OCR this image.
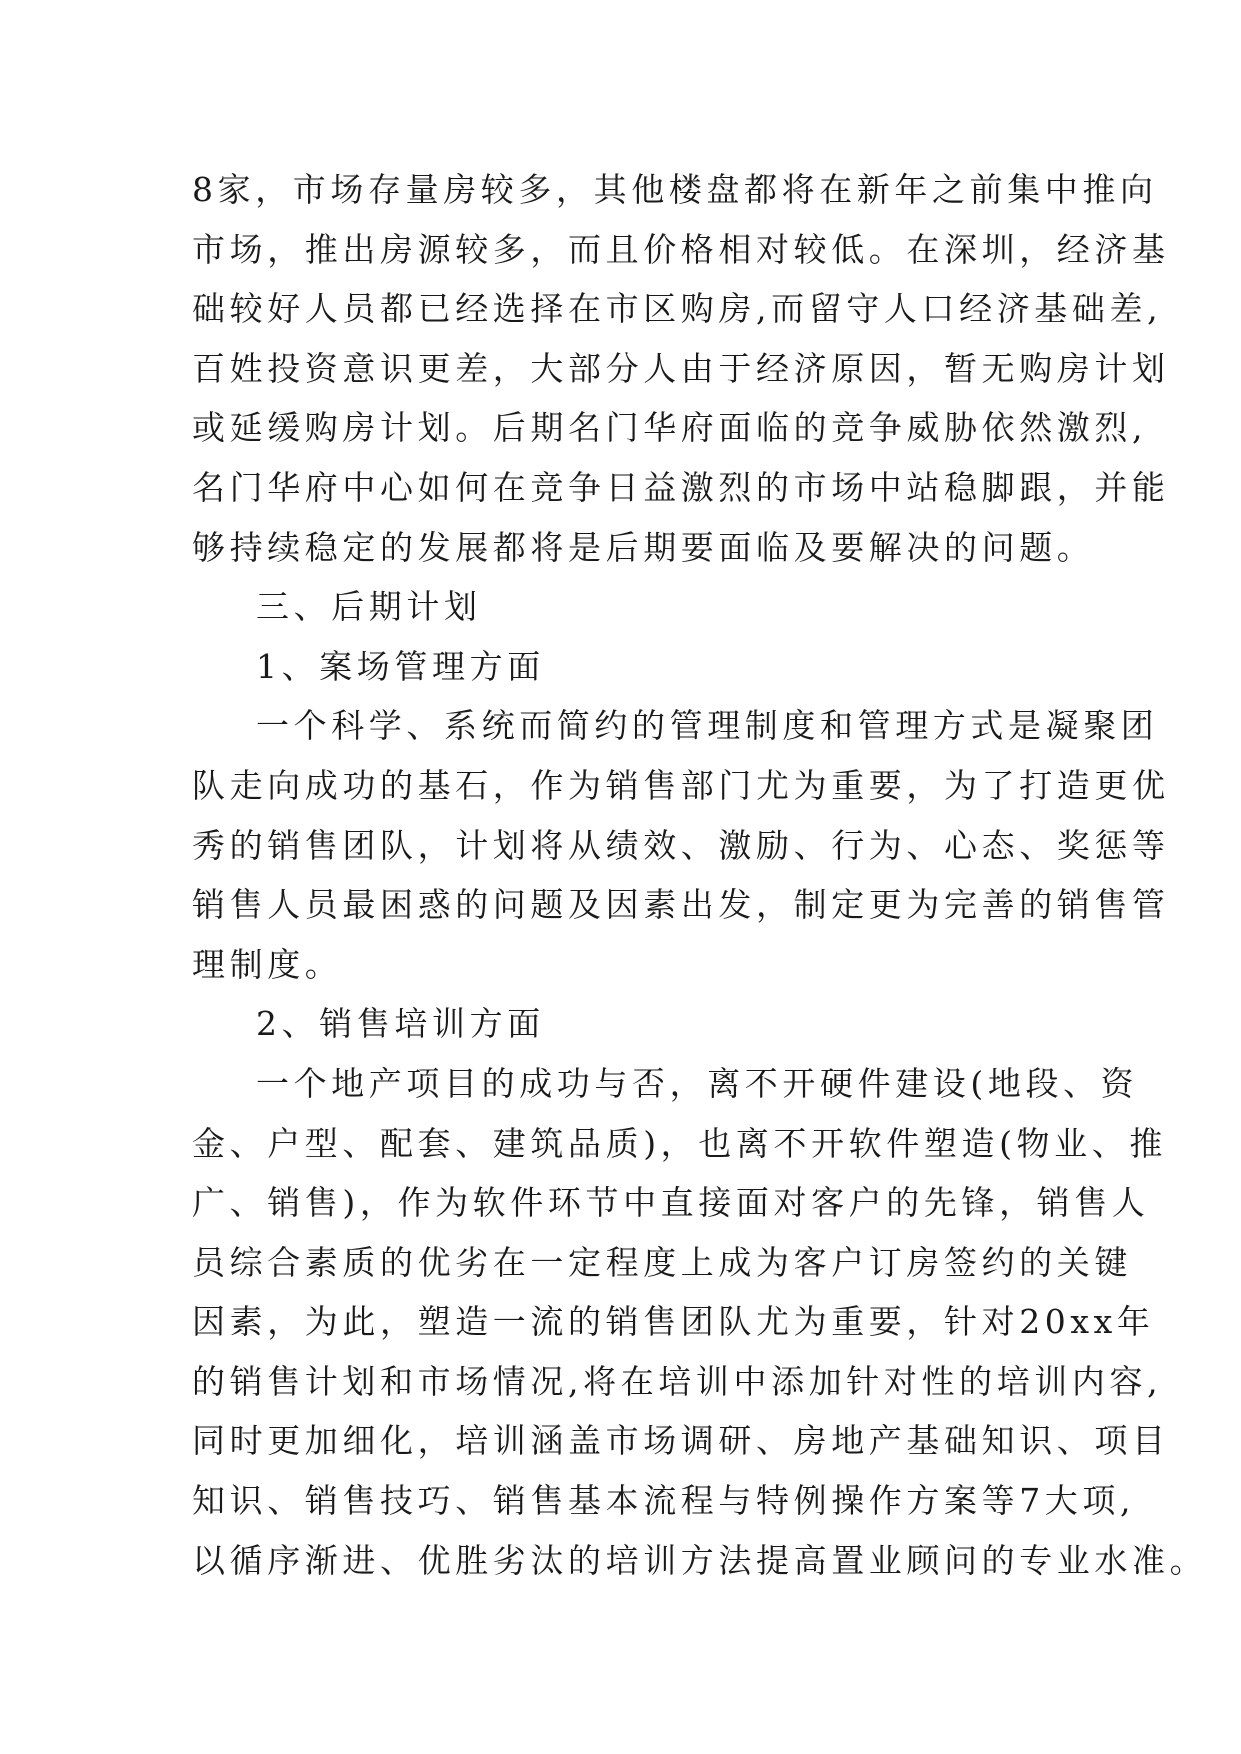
8家，市场存量房较多，其他楼盘都将在新年之前集中推向
市场，推出房源较多，而且价格相对较低。在深圳，经济基
础较好人员都已经选择在市区购房,而留守人口经济基础差,
百姓投资意识更差，大部分人由于经济原因，暂无购房计划
或延缓购房计划。后期名门华府面临的竞争威胁依然激烈,
名门华府中心如何在竞争日益激烈的市场中站稳脚跟，并能
够持续稳定的发展都将是后期要面临及要解决的问题。
三、后期计划
1、案场管理方面
一个科学、系统而简约的管理制度和管理方式是凝聚团
队走向成功的基石，作为销售部门尤为重要，为了打造更优
秀的销售团队，计划将从绩效、激励、行为、心态、奖惩等
销售人员最困惑的问题及因素出发，制定更为完善的销售管
理制度。
2、销售培训方面
一个地产项目的成功与否，离不开硬件建设(地段、资
金、户型、配套、建筑品质)，也离不开软件塑造(物业、推
广、销售)，作为软件环节中直接面对客户的先锋，销售人
员综合素质的优劣在一定程度上成为客户订房签约的关键
因素，为此，塑造一流的销售团队尤为重要，针对20xx年
的销售计划和市场情况,将在培训中添加针对性的培训内容,
同时更加细化，培训涵盖市场调研、房地产基础知识、项目
知识、销售技巧、销售基本流程与特例操作方案等7大项,
以循序渐进、优胜劣汰的培训方法提高置业顾问的专业水准。
